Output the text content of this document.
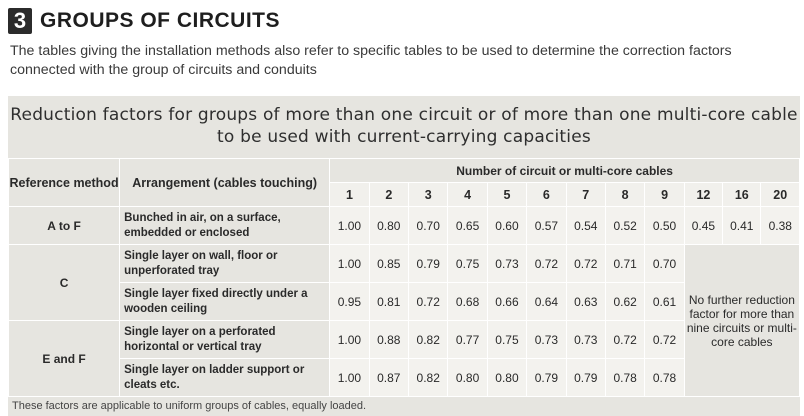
3 GROUPS OF CIRCUITS
The tables giving the installation methods also refer to specific tables to be used to determine the correction factors connected with the group of circuits and conduits
Reduction factors for groups of more than one circuit or of more than one multi-core cable
to be used with current-carrying capacities
Reference method	Arrangement (cables touching)	Number of circuit or multi-core cables											
		1	2	3	4	5	6	7	8	9	12	16	20
A to F	Bunched in air, on a surface, embedded or enclosed	1.00	0.80	0.70	0.65	0.60	0.57	0.54	0.52	0.50	0.45	0.41	0.38
C	Single layer on wall, floor or unperforated tray	1.00	0.85	0.79	0.75	0.73	0.72	0.72	0.71	0.70	No further reduction factor for more than nine circuits or multi-core cables		
	Single layer fixed directly under a wooden ceiling	0.95	0.81	0.72	0.68	0.66	0.64	0.63	0.62	0.61			
E and F	Single layer on a perforated horizontal or vertical tray	1.00	0.88	0.82	0.77	0.75	0.73	0.73	0.72	0.72			
	Single layer on ladder support or cleats etc.	1.00	0.87	0.82	0.80	0.80	0.79	0.79	0.78	0.78			
These factors are applicable to uniform groups of cables, equally loaded.
